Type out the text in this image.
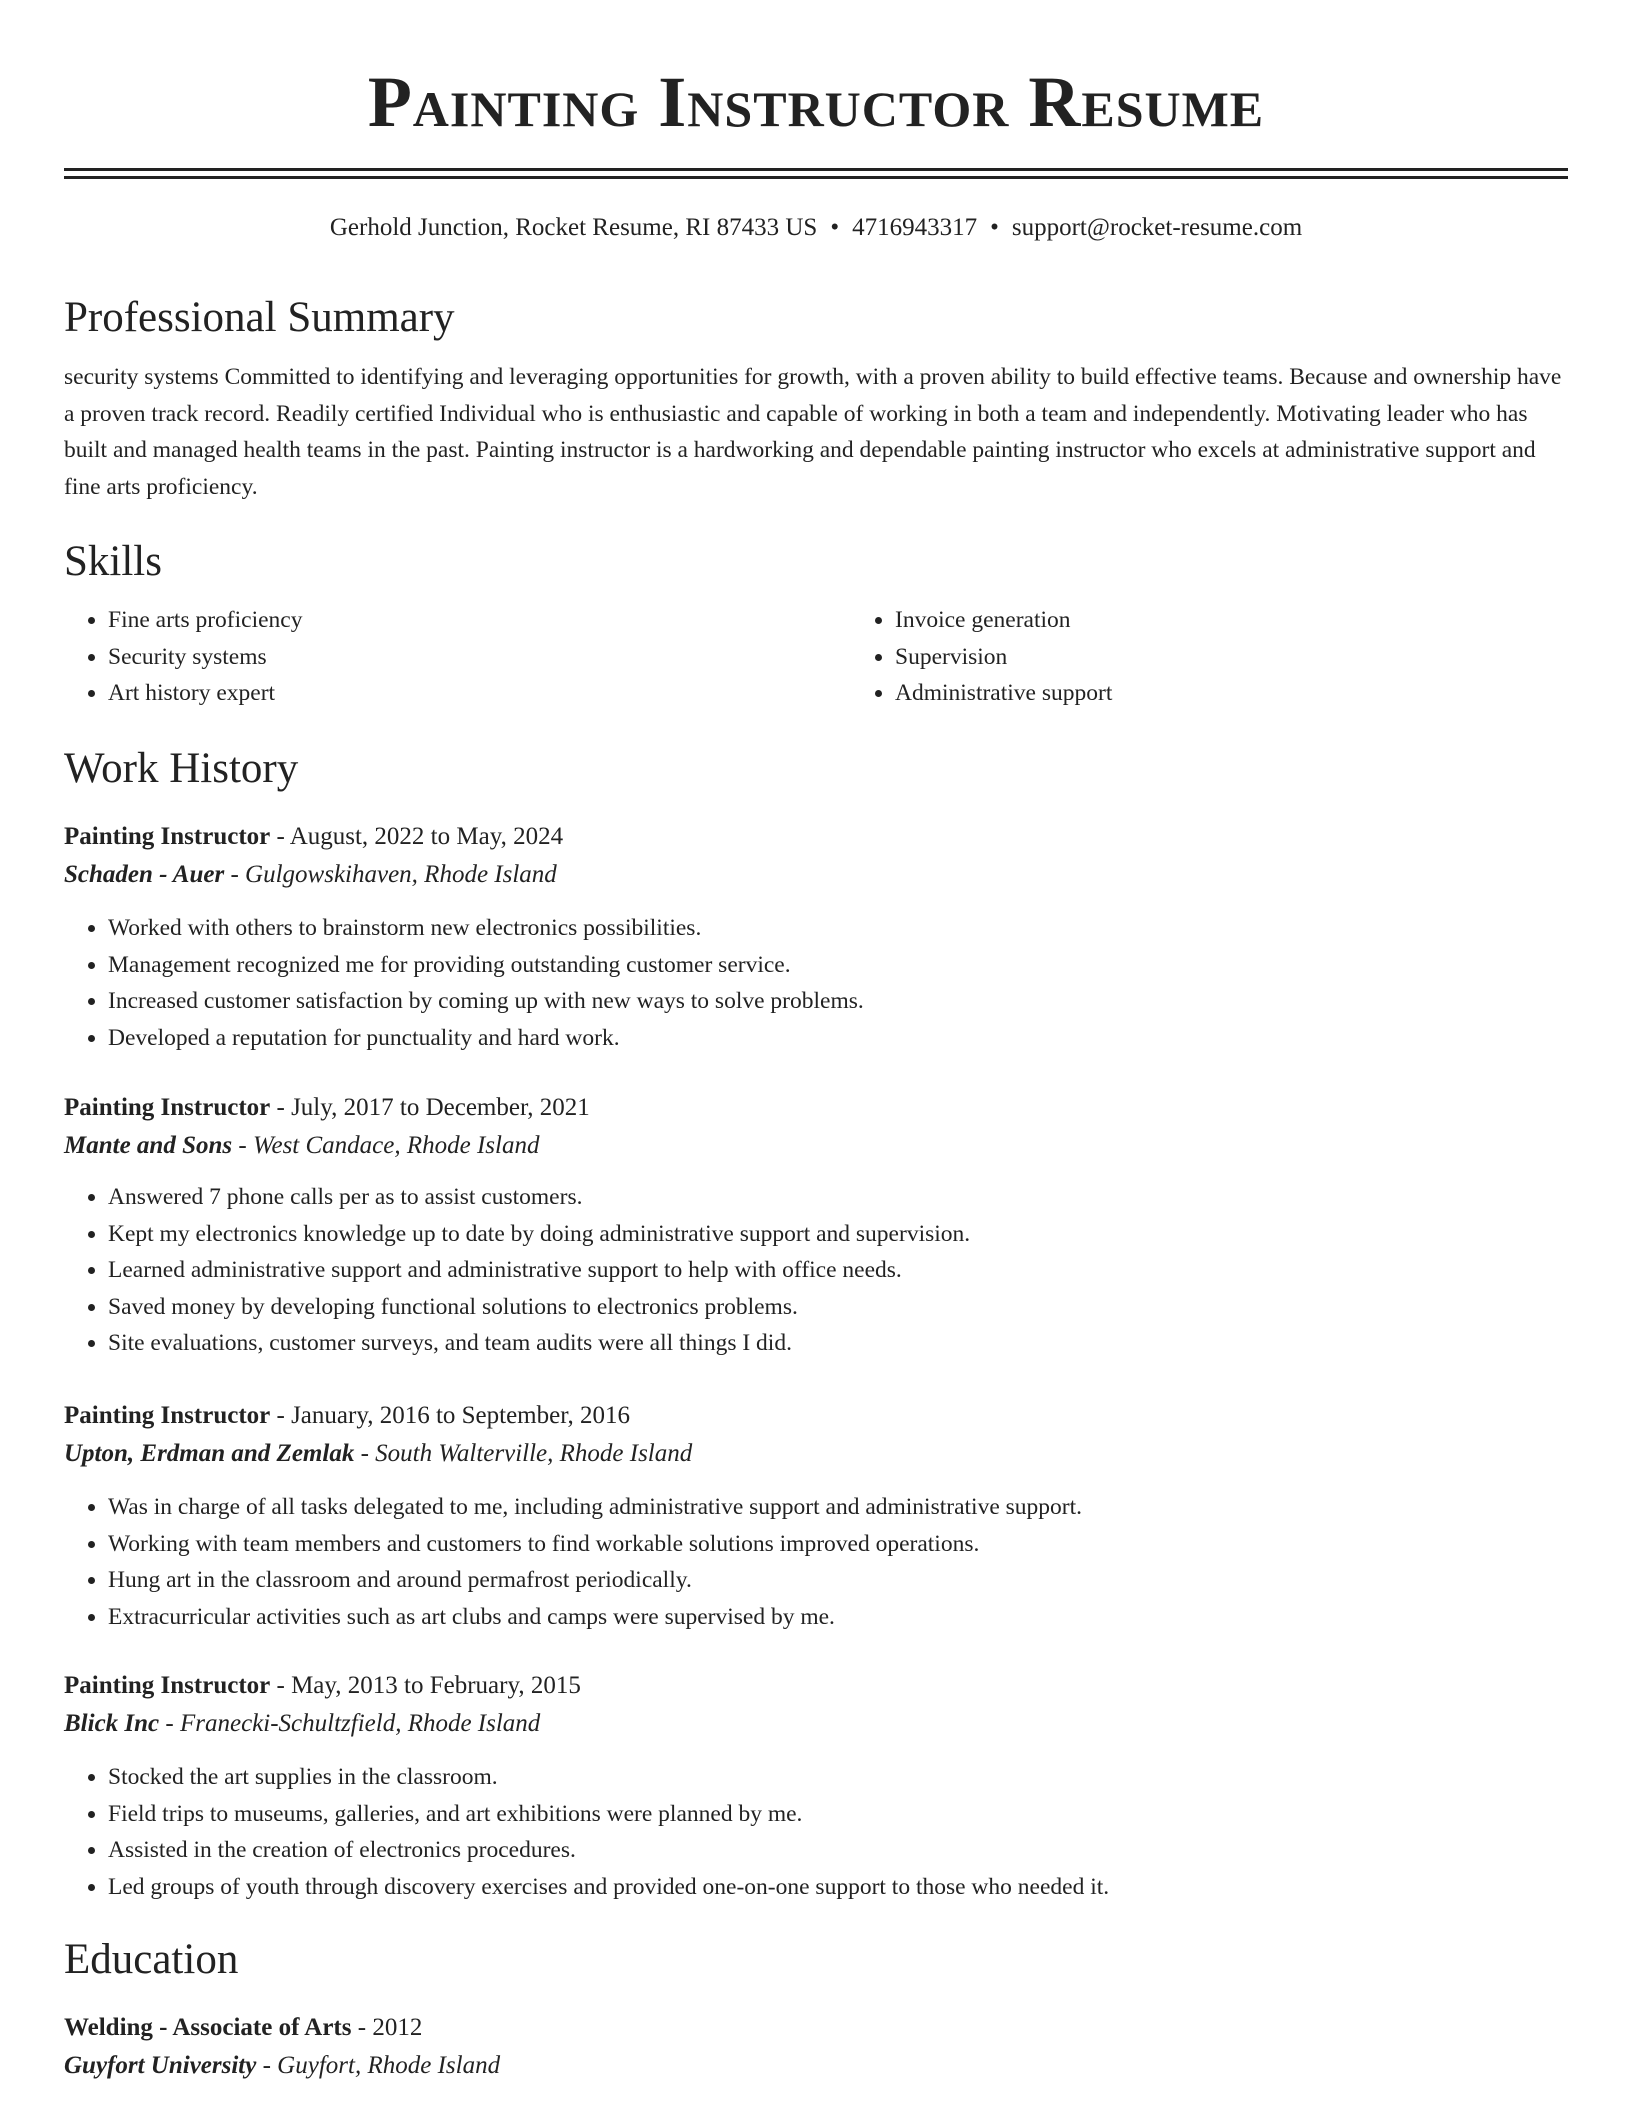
Painting Instructor Resume
Gerhold Junction, Rocket Resume, RI 87433 US • 4716943317 • support@rocket-resume.com
Professional Summary

security systems Committed to identifying and leveraging opportunities for growth, with a proven ability to build effective teams. Because and ownership have a proven track record. Readily certified Individual who is enthusiastic and capable of working in both a team and independently. Motivating leader who has built and managed health teams in the past. Painting instructor is a hardworking and dependable painting instructor who excels at administrative support and fine arts proficiency.

Skills
• Fine arts proficiency
• Security systems
• Art history expert
• Invoice generation
• Supervision
• Administrative support
Work History
Painting Instructor - August, 2022 to May, 2024
Schaden - Auer - Gulgowskihaven, Rhode Island
• Worked with others to brainstorm new electronics possibilities.
• Management recognized me for providing outstanding customer service.
• Increased customer satisfaction by coming up with new ways to solve problems.
• Developed a reputation for punctuality and hard work.
Painting Instructor - July, 2017 to December, 2021
Mante and Sons - West Candace, Rhode Island
• Answered 7 phone calls per as to assist customers.
• Kept my electronics knowledge up to date by doing administrative support and supervision.
• Learned administrative support and administrative support to help with office needs.
• Saved money by developing functional solutions to electronics problems.
• Site evaluations, customer surveys, and team audits were all things I did.
Painting Instructor - January, 2016 to September, 2016
Upton, Erdman and Zemlak - South Walterville, Rhode Island
• Was in charge of all tasks delegated to me, including administrative support and administrative support.
• Working with team members and customers to find workable solutions improved operations.
• Hung art in the classroom and around permafrost periodically.
• Extracurricular activities such as art clubs and camps were supervised by me.
Painting Instructor - May, 2013 to February, 2015
Blick Inc - Franecki-Schultzfield, Rhode Island
• Stocked the art supplies in the classroom.
• Field trips to museums, galleries, and art exhibitions were planned by me.
• Assisted in the creation of electronics procedures.
• Led groups of youth through discovery exercises and provided one-on-one support to those who needed it.
Education
Welding - Associate of Arts - 2012
Guyfort University - Guyfort, Rhode Island
